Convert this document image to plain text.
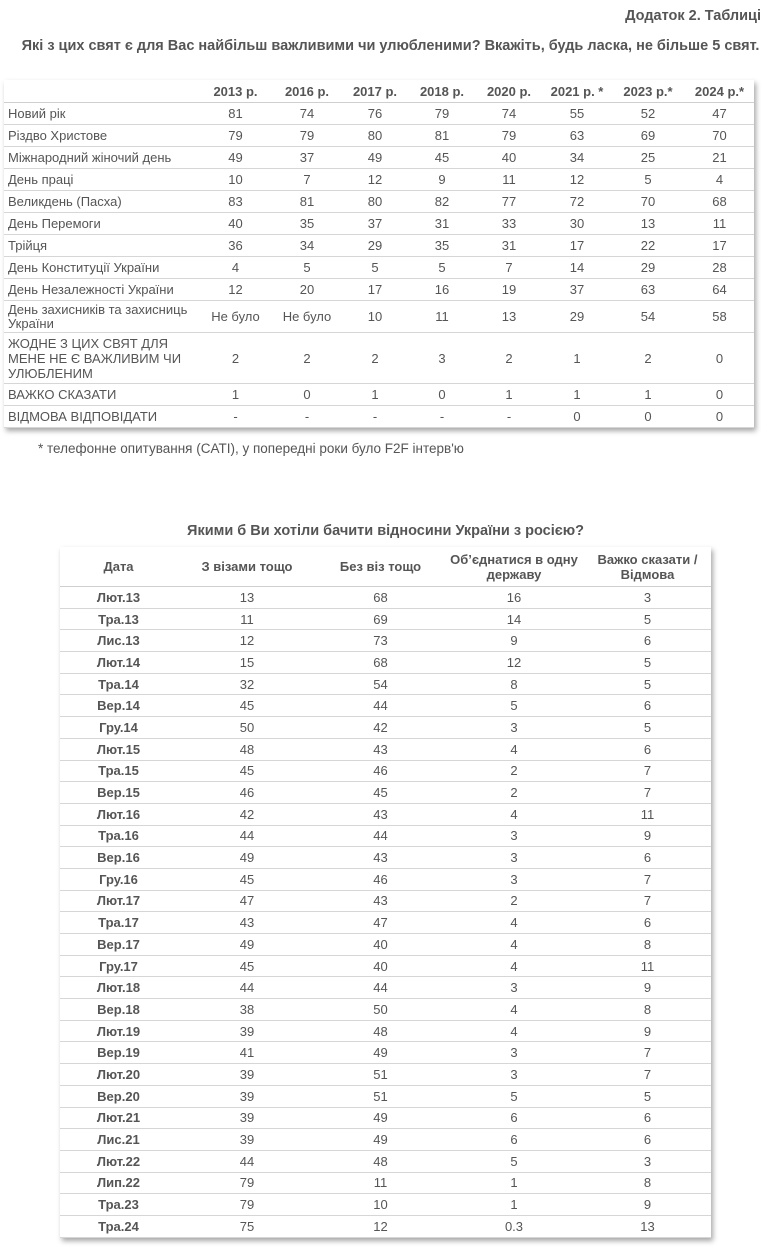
Додаток 2. Таблиці
Які з цих свят є для Вас найбільш важливими чи улюбленими? Вкажіть, будь ласка, не більше 5 свят.
	2013 р.	2016 р.	2017 р.	2018 р.	2020 р.	2021 р. *	2023 р.*	2024 р.*
Новий рік	81	74	76	79	74	55	52	47
Різдво Христове	79	79	80	81	79	63	69	70
Міжнародний жіночий день	49	37	49	45	40	34	25	21
День праці	10	7	12	9	11	12	5	4
Великдень (Пасха)	83	81	80	82	77	72	70	68
День Перемоги	40	35	37	31	33	30	13	11
Трійця	36	34	29	35	31	17	22	17
День Конституції України	4	5	5	5	7	14	29	28
День Незалежності України	12	20	17	16	19	37	63	64
День захисників та захисниць України	Не було	Не було	10	11	13	29	54	58
ЖОДНЕ З ЦИХ СВЯТ ДЛЯ МЕНЕ НЕ Є ВАЖЛИВИМ ЧИ УЛЮБЛЕНИМ	2	2	2	3	2	1	2	0
ВАЖКО СКАЗАТИ	1	0	1	0	1	1	1	0
ВІДМОВА ВІДПОВІДАТИ	-	-	-	-	-	0	0	0
* телефонне опитування (CATI), у попередні роки було F2F інтерв'ю
Якими б Ви хотіли бачити відносини України з росією?
Дата	З візами тощо	Без віз тощо	Об’єднатися в одну державу	Важко сказати / Відмова
Лют.13	13	68	16	3
Тра.13	11	69	14	5
Лис.13	12	73	9	6
Лют.14	15	68	12	5
Тра.14	32	54	8	5
Вер.14	45	44	5	6
Гру.14	50	42	3	5
Лют.15	48	43	4	6
Тра.15	45	46	2	7
Вер.15	46	45	2	7
Лют.16	42	43	4	11
Тра.16	44	44	3	9
Вер.16	49	43	3	6
Гру.16	45	46	3	7
Лют.17	47	43	2	7
Тра.17	43	47	4	6
Вер.17	49	40	4	8
Гру.17	45	40	4	11
Лют.18	44	44	3	9
Вер.18	38	50	4	8
Лют.19	39	48	4	9
Вер.19	41	49	3	7
Лют.20	39	51	3	7
Вер.20	39	51	5	5
Лют.21	39	49	6	6
Лис.21	39	49	6	6
Лют.22	44	48	5	3
Лип.22	79	11	1	8
Тра.23	79	10	1	9
Тра.24	75	12	0.3	13
